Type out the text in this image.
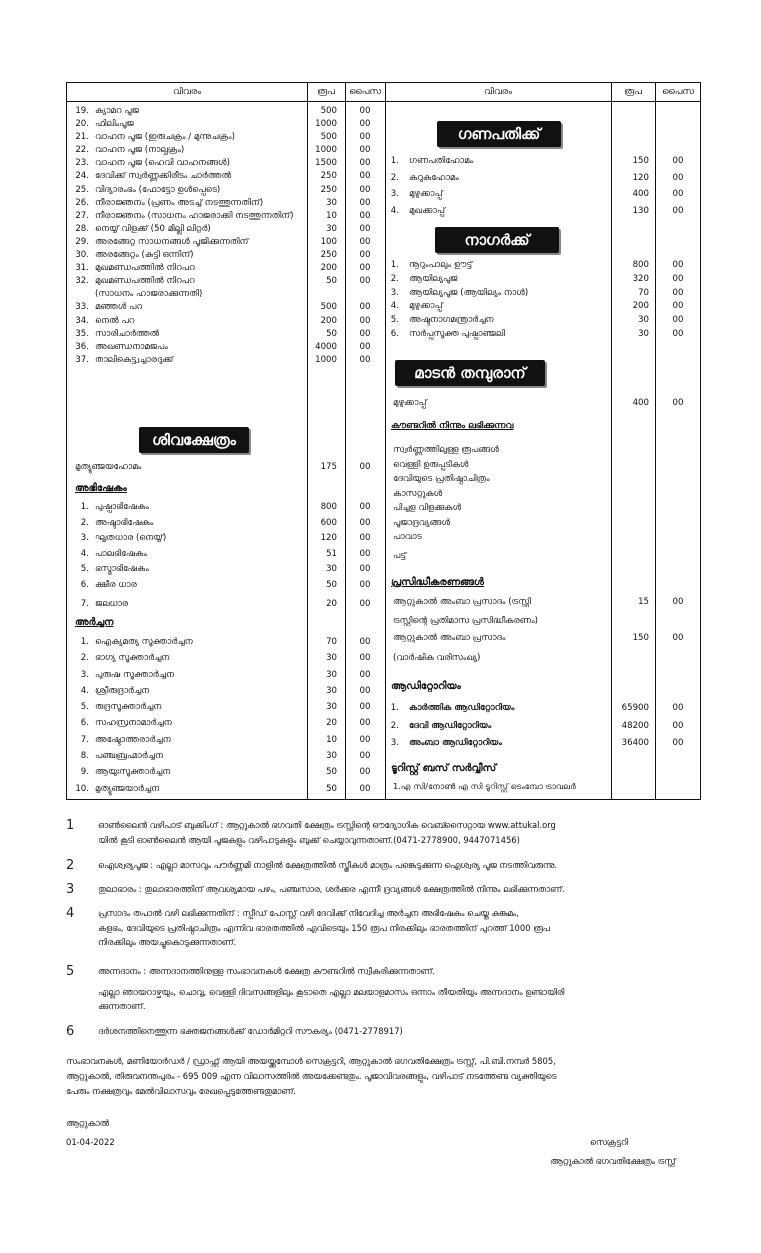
വിവരം	രൂപ	പൈസ	വിവരം	രൂപ	പൈസ
19. ക്യാമറ പൂജ	500	00
20. ഫിലിംപൂജ	1000	00
21. വാഹന പൂജ (ഇരുചക്രം / മുന്നുചക്രം)	500	00
22. വാഹന പൂജ (നാല്ചക്രം)	1000	00
23. വാഹന പൂജ (ഹെവി വാഹനങ്ങൾ)	1500	00
24. ദേവിക്ക് സ്വർണ്ണക്കിരീടം ചാർത്തൽ	250	00
25. വിദ്യാരംഭം (ഫോട്ടോ ഉൾപ്പെടെ)	250	00
26. നീരാജ്ഞനം (പ്രണം അടച്ച് നടത്തുന്നതിന്)	30	00
27. നീരാജ്ഞനം (സാധനം ഹാജരാക്കി നടത്തുന്നതിന്)	10	00
28. നെയ്യ് വിളക്ക് (50 മില്ലി ലിറ്റർ)	30	00
29. അരങ്ങേറ്റ സാധനങ്ങൾ പൂജിക്കുന്നതിന്	100	00
30. അരങ്ങേറ്റം (കുട്ടി ഒന്നിന്)	250	00
31. മുഖമണ്ഡപത്തിൽ നിറപറ	200	00
32. മുഖമണ്ഡപത്തിൽ നിറപറ	50	00
(സാധനം ഹാജരാക്കുന്നതി)
33. മഞ്ഞൾ പറ	500	00
34. നെൽ പറ	200	00
35. സാരിചാർത്തൽ	50	00
36. അഖണ്ഡനാമജപം	4000	00
37. താലികെട്ട്വച്ചാരദുക്ക്	1000	00
ശിവക്ഷേത്രം
മൃത്യുഞ്ജയഹോമം	175	00
അഭിഷേകം
1. പുഷ്പാഭിഷേകം	800	00
2. അഷ്ടാഭിഷേകം	600	00
3. ഘൃതധാര (നെയ്യ്)	120	00
4. പാലഭിഷേകം	51	00
5. ഭസ്മാഭിഷേകം	30	00
6. ക്ഷീര ധാര	50	00
7. ജലധാര	20	00
അർച്ചന
1. ഐക്യമത്യ സൂക്താർച്ചന	70	00
2. ഭാഗ്യ സൂക്താർച്ചന	30	00
3. പുരുഷ സൂക്താർച്ചന	30	00
4. ശ്രീരുദ്രാർച്ചന	30	00
5. രുദ്രസൂക്താർച്ചന	30	00
6. സഹസ്രനാമാർച്ചന	20	00
7. അഷ്ടോത്തരാർച്ചന	10	00
8. പഞ്ചബ്രഹ്മാർച്ചന	30	00
9. ആയുഃസൂക്താർച്ചന	50	00
10. മൃത്യുഞ്ജയാർച്ചന	50	00
ഗണപതിക്ക്
1. ഗണപതിഹോമം	150	00
2. കറുകഹോമം	120	00
3. മുഴുക്കാപ്പ്	400	00
4. മുഖക്കാപ്പ്	130	00
നാഗർക്ക്
1. നൂറുംപാലും ഊട്ട്	800	00
2. ആയില്യപൂജ	320	00
3. ആയില്യപൂജ (ആയില്യം നാൾ)	70	00
4. മുഴുക്കാപ്പ്	200	00
5. അഷ്ടനാഗമന്ത്രാർച്ചന	30	00
6. സർപ്പസൂക്ത പുഷ്പാഞ്ജലി	30	00
മാടൻ തമ്പുരാന്
മുഴുക്കാപ്പ്	400	00
കൗണ്ടറിൽ നിന്നും ലഭിക്കുന്നവ
സ്വർണ്ണത്തിലുള്ള രൂപങ്ങൾ
വെള്ളി ഉരുപ്പടികൾ
ദേവിയുടെ പ്രതിഷ്ഠാചിത്രം
കാസറ്റുകൾ
പിച്ചള വിളക്കുകൾ
പൂജാദ്രവ്യങ്ങൾ
പാവാട
പട്ട്
പ്രസിദ്ധീകരണങ്ങൾ
ആറ്റുകാൽ അംബാ പ്രസാദം (ട്രസ്റ്റി	15	00
ട്രസ്റ്റിന്റെ പ്രതിമാസ പ്രസിദ്ധീകരണം)
ആറ്റുകാൽ അംബാ പ്രസാദം	150	00
(വാർഷിക വരിസംഖ്യ)
ആഡിറ്റോറിയം
1. കാർത്തിക ആഡിറ്റോറിയം	65900	00
2. ദേവി ആഡിറ്റോറിയം	48200	00
3. അംബാ ആഡിറ്റോറിയം	36400	00
ടൂറിസ്റ്റ് ബസ് സർവ്വീസ്
1.എ സി/നോൺ എ സി ടൂറിസ്റ്റ് ടെംമ്പോ ട്രാവലർ
1	ഓൺലൈൻ വഴിപാട് ബുക്കിംഗ് : ആറ്റുകാൽ ഭഗവതി ക്ഷേത്രം ട്രസ്റ്റിന്റെ ഔദ്യോഗിക വെബ്സൈറ്റായ www.attukal.org
യിൽ കൂടി ഓൺലൈൻ ആയി പൂജകളും വഴിപാടുകളും ബുക്ക് ചെയ്യാവുന്നതാണ്.(0471-2778900, 9447071456)
2	ഐശ്വര്യപൂജ : എല്ലാ മാസവും പൗർണ്ണമി നാളിൽ ക്ഷേത്രത്തിൽ സ്ത്രീകൾ മാത്രം പങ്കെടുക്കുന്ന ഐശ്വര്യ പൂജ നടത്തിവരുന്നു.
3	തുലാഭാരം : തുലാഭാരത്തിന് ആവശ്യമായ പഴം, പഞ്ചസാര, ശർക്കര എന്നീ ദ്രവ്യങ്ങൾ ക്ഷേത്രത്തിൽ നിന്നും ലഭിക്കുന്നതാണ്.
4	പ്രസാദം തപാൽ വഴി ലഭിക്കുന്നതിന് : സ്പീഡ് പോസ്റ്റ് വഴി ദേവിക്ക് നിവേദിച്ച അർച്ചന അഭിഷേകം ചെയ്ത കുങ്കുമം,
കളഭം, ദേവിയുടെ പ്രതിഷ്ഠാചിത്രം എന്നിവ ഭാരതത്തിൽ എവിടെയും 150 രൂപ നിരക്കിലും ഭാരതത്തിന് പുറത്ത് 1000 രൂപ
നിരക്കിലും അയച്ചുകൊടുക്കുന്നതാണ്.
5	അന്നദാനം : അന്നദാനത്തിനുള്ള സംഭാവനകൾ ക്ഷേത്ര കൗണ്ടറിൽ സ്വീകരിക്കുന്നതാണ്.
എല്ലാ ഞായറാഴ്ചയും, ചൊവ്വ, വെള്ളി ദിവസങ്ങളിലും കൂടാതെ എല്ലാ മലയാളമാസം ഒന്നാം തീയതിയും അന്നദാനം ഉണ്ടായിരി
ക്കുന്നതാണ്.
6	ദർശനത്തിനെത്തുന്ന ഭക്തജനങ്ങൾക്ക് ഡോർമിറ്ററി സൗകര്യം (0471-2778917)
സംഭാവനകൾ, മണിയോർഡർ / ഡ്രാഫ്റ്റ് ആയി അയയ്ക്കുമ്പോൾ സെക്രട്ടറി, ആറ്റുകാൽ ഭഗവതിക്ഷേത്രം ട്രസ്റ്റ്, പി.ബി.നമ്പർ 5805,
ആറ്റുകാൽ, തിരുവനന്തപുരം - 695 009 എന്ന വിലാസത്തിൽ അയക്കേണ്ടതും. പൂജാവിവരങ്ങളും, വഴിപാട് നടത്തേണ്ട വ്യക്തിയുടെ
പേരും നക്ഷത്രവും മേൽവിലാസവും രേഖപ്പെടുത്തേണ്ടതുമാണ്.
ആറ്റുകാൽ
01-04-2022	സെക്രട്ടറി
ആറ്റുകാൽ ഭഗവതിക്ഷേത്രം ട്രസ്റ്റ്
